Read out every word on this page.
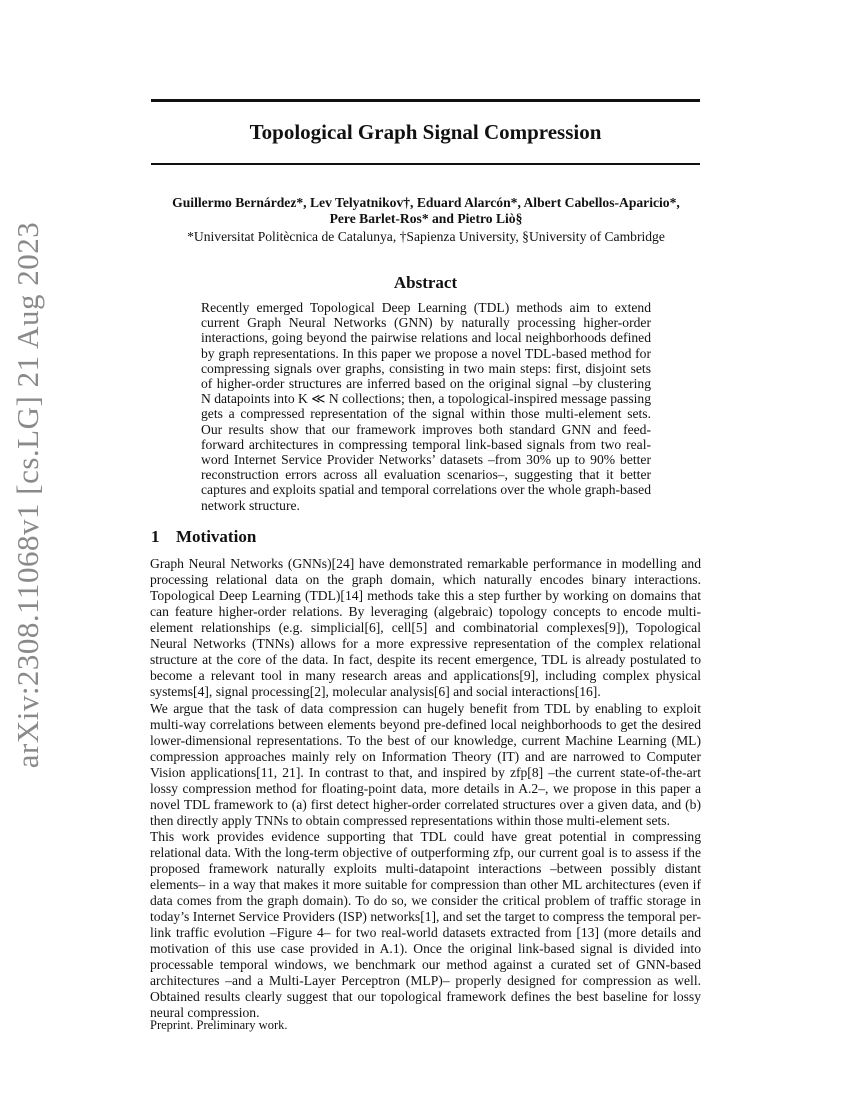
arXiv:2308.11068v1 [cs.LG] 21 Aug 2023
Topological Graph Signal Compression
Guillermo Bernárdez*, Lev Telyatnikov†, Eduard Alarcón*, Albert Cabellos-Aparicio*,
Pere Barlet-Ros* and Pietro Liò§
*Universitat Politècnica de Catalunya, †Sapienza University, §University of Cambridge
Abstract
Recently emerged Topological Deep Learning (TDL) methods aim to extend current Graph Neural Networks (GNN) by naturally processing higher-order interactions, going beyond the pairwise relations and local neighborhoods defined by graph representations. In this paper we propose a novel TDL-based method for compressing signals over graphs, consisting in two main steps: first, disjoint sets of higher-order structures are inferred based on the original signal –by clustering N datapoints into K ≪ N collections; then, a topological-inspired message passing gets a compressed representation of the signal within those multi-element sets. Our results show that our framework improves both standard GNN and feed-forward architectures in compressing temporal link-based signals from two real-word Internet Service Provider Networks’ datasets –from 30% up to 90% better reconstruction errors across all evaluation scenarios–, suggesting that it better captures and exploits spatial and temporal correlations over the whole graph-based network structure.
1 Motivation

Graph Neural Networks (GNNs)[24] have demonstrated remarkable performance in modelling and processing relational data on the graph domain, which naturally encodes binary interactions. Topological Deep Learning (TDL)[14] methods take this a step further by working on domains that can feature higher-order relations. By leveraging (algebraic) topology concepts to encode multi-element relationships (e.g. simplicial[6], cell[5] and combinatorial complexes[9]), Topological Neural Networks (TNNs) allows for a more expressive representation of the complex relational structure at the core of the data. In fact, despite its recent emergence, TDL is already postulated to become a relevant tool in many research areas and applications[9], including complex physical systems[4], signal processing[2], molecular analysis[6] and social interactions[16].

We argue that the task of data compression can hugely benefit from TDL by enabling to exploit multi-way correlations between elements beyond pre-defined local neighborhoods to get the desired lower-dimensional representations. To the best of our knowledge, current Machine Learning (ML) compression approaches mainly rely on Information Theory (IT) and are narrowed to Computer Vision applications[11, 21]. In contrast to that, and inspired by zfp[8] –the current state-of-the-art lossy compression method for floating-point data, more details in A.2–, we propose in this paper a novel TDL framework to (a) first detect higher-order correlated structures over a given data, and (b) then directly apply TNNs to obtain compressed representations within those multi-element sets.

This work provides evidence supporting that TDL could have great potential in compressing relational data. With the long-term objective of outperforming zfp, our current goal is to assess if the proposed framework naturally exploits multi-datapoint interactions –between possibly distant elements– in a way that makes it more suitable for compression than other ML architectures (even if data comes from the graph domain). To do so, we consider the critical problem of traffic storage in today’s Internet Service Providers (ISP) networks[1], and set the target to compress the temporal per-link traffic evolution –Figure 4– for two real-world datasets extracted from [13] (more details and motivation of this use case provided in A.1). Once the original link-based signal is divided into processable temporal windows, we benchmark our method against a curated set of GNN-based architectures –and a Multi-Layer Perceptron (MLP)– properly designed for compression as well. Obtained results clearly suggest that our topological framework defines the best baseline for lossy neural compression.

Preprint. Preliminary work.
